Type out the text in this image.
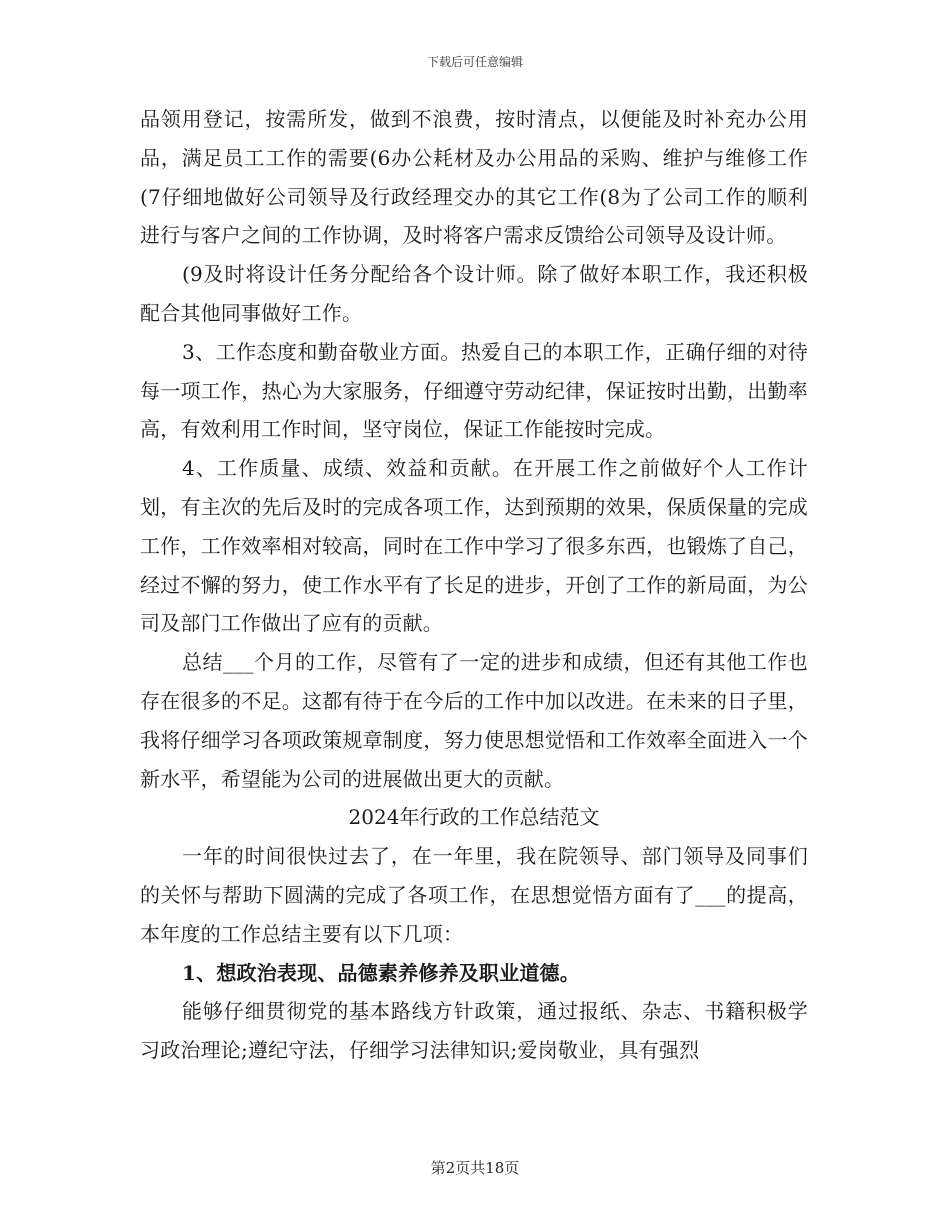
下载后可任意编辑

品领用登记，按需所发，做到不浪费，按时清点，以便能及时补充办公用品，满足员工工作的需要(6办公耗材及办公用品的采购、维护与维修工作(7仔细地做好公司领导及行政经理交办的其它工作(8为了公司工作的顺利进行与客户之间的工作协调，及时将客户需求反馈给公司领导及设计师。

(9及时将设计任务分配给各个设计师。除了做好本职工作，我还积极配合其他同事做好工作。

3、工作态度和勤奋敬业方面。热爱自己的本职工作，正确仔细的对待每一项工作，热心为大家服务，仔细遵守劳动纪律，保证按时出勤，出勤率高，有效利用工作时间，坚守岗位，保证工作能按时完成。

4、工作质量、成绩、效益和贡献。在开展工作之前做好个人工作计划，有主次的先后及时的完成各项工作，达到预期的效果，保质保量的完成工作，工作效率相对较高，同时在工作中学习了很多东西，也锻炼了自己，经过不懈的努力，使工作水平有了长足的进步，开创了工作的新局面，为公司及部门工作做出了应有的贡献。

总结___个月的工作，尽管有了一定的进步和成绩，但还有其他工作也存在很多的不足。这都有待于在今后的工作中加以改进。在未来的日子里，我将仔细学习各项政策规章制度，努力使思想觉悟和工作效率全面进入一个新水平，希望能为公司的进展做出更大的贡献。

2024年行政的工作总结范文

一年的时间很快过去了，在一年里，我在院领导、部门领导及同事们的关怀与帮助下圆满的完成了各项工作，在思想觉悟方面有了___的提高，本年度的工作总结主要有以下几项：

1、想政治表现、品德素养修养及职业道德。

能够仔细贯彻党的基本路线方针政策，通过报纸、杂志、书籍积极学习政治理论;遵纪守法，仔细学习法律知识;爱岗敬业，具有强烈

第2页共18页
